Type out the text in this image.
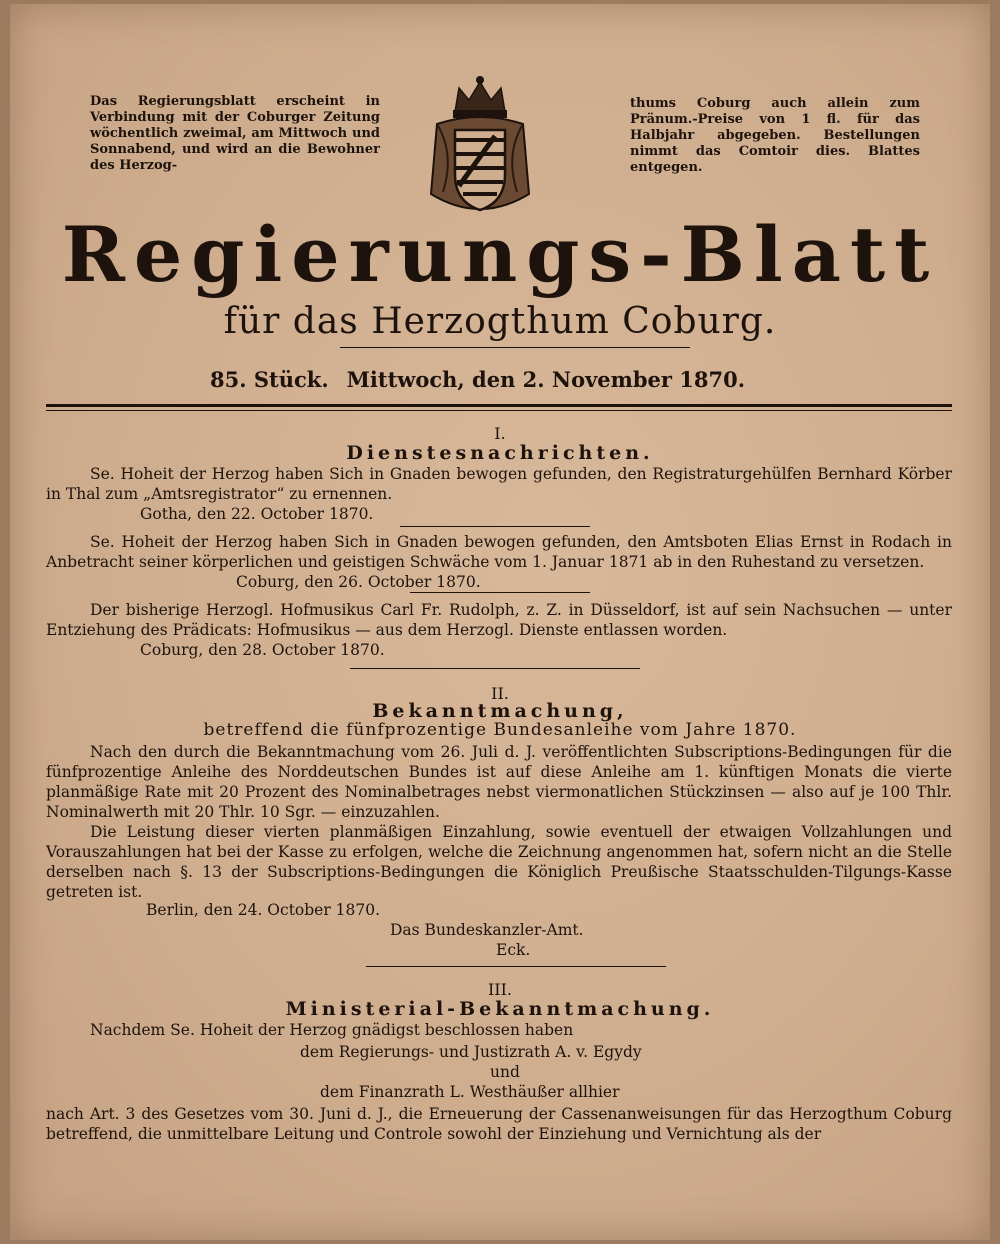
Das Regierungsblatt erscheint in Verbindung mit der Coburger Zeitung wöchentlich zweimal, am Mittwoch und Sonnabend, und wird an die Bewohner des Herzog-
thums Coburg auch allein zum Pränum.-Preise von 1 fl. für das Halbjahr abgegeben. Bestellungen nimmt das Comtoir dies. Blattes entgegen.
Regierungs-Blatt
für das Herzogthum Coburg.
85. Stück. Mittwoch, den 2. November 1870.
I.
Dienstesnachrichten.
Se. Hoheit der Herzog haben Sich in Gnaden bewogen gefunden, den Registraturgehülfen Bernhard Körber in Thal zum „Amtsregistrator“ zu ernennen.
Gotha, den 22. October 1870.
Se. Hoheit der Herzog haben Sich in Gnaden bewogen gefunden, den Amtsboten Elias Ernst in Rodach in Anbetracht seiner körperlichen und geistigen Schwäche vom 1. Januar 1871 ab in den Ruhestand zu versetzen.
Coburg, den 26. October 1870.
Der bisherige Herzogl. Hofmusikus Carl Fr. Rudolph, z. Z. in Düsseldorf, ist auf sein Nachsuchen — unter Entziehung des Prädicats: Hofmusikus — aus dem Herzogl. Dienste entlassen worden.
Coburg, den 28. October 1870.
II.
Bekanntmachung,
betreffend die fünfprozentige Bundesanleihe vom Jahre 1870.
Nach den durch die Bekanntmachung vom 26. Juli d. J. veröffentlichten Subscriptions-Bedingungen für die fünfprozentige Anleihe des Norddeutschen Bundes ist auf diese Anleihe am 1. künftigen Monats die vierte planmäßige Rate mit 20 Prozent des Nominalbetrages nebst viermonatlichen Stückzinsen — also auf je 100 Thlr. Nominalwerth mit 20 Thlr. 10 Sgr. — einzuzahlen.
Die Leistung dieser vierten planmäßigen Einzahlung, sowie eventuell der etwaigen Vollzahlungen und Vorauszahlungen hat bei der Kasse zu erfolgen, welche die Zeichnung angenommen hat, sofern nicht an die Stelle derselben nach §. 13 der Subscriptions-Bedingungen die Königlich Preußische Staatsschulden-Tilgungs-Kasse getreten ist.
Berlin, den 24. October 1870.
Das Bundeskanzler-Amt.
Eck.
III.
Ministerial-Bekanntmachung.
Nachdem Se. Hoheit der Herzog gnädigst beschlossen haben
dem Regierungs- und Justizrath A. v. Egydy
und
dem Finanzrath L. Westhäußer allhier
nach Art. 3 des Gesetzes vom 30. Juni d. J., die Erneuerung der Cassenanweisungen für das Herzogthum Coburg betreffend, die unmittelbare Leitung und Controle sowohl der Einziehung und Vernichtung als der
